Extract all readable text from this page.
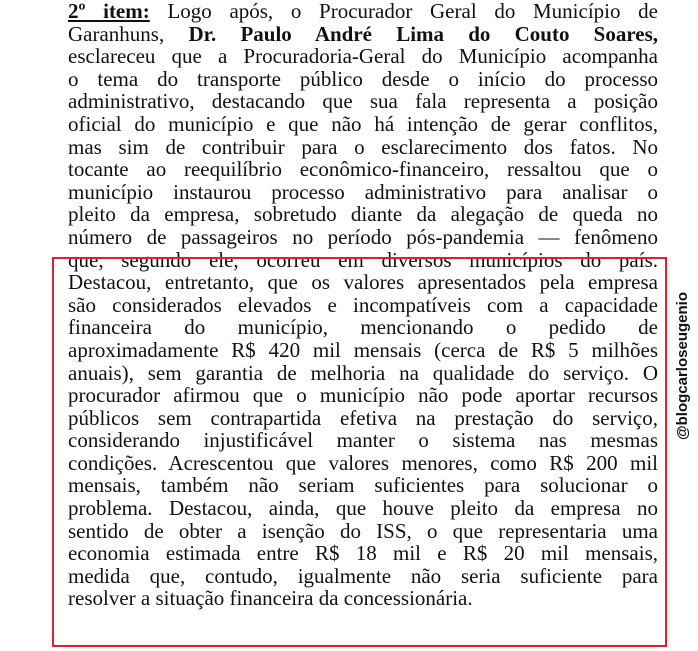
2º item: Logo após, o Procurador Geral do Município de
Garanhuns, Dr. Paulo André Lima do Couto Soares,
esclareceu que a Procuradoria-Geral do Município acompanha
o tema do transporte público desde o início do processo
administrativo, destacando que sua fala representa a posição
oficial do município e que não há intenção de gerar conflitos,
mas sim de contribuir para o esclarecimento dos fatos. No
tocante ao reequilíbrio econômico-financeiro, ressaltou que o
município instaurou processo administrativo para analisar o
pleito da empresa, sobretudo diante da alegação de queda no
número de passageiros no período pós-pandemia — fenômeno
que, segundo ele, ocorreu em diversos municípios do país.
Destacou, entretanto, que os valores apresentados pela empresa
são considerados elevados e incompatíveis com a capacidade
financeira do município, mencionando o pedido de
aproximadamente R$ 420 mil mensais (cerca de R$ 5 milhões
anuais), sem garantia de melhoria na qualidade do serviço. O
procurador afirmou que o município não pode aportar recursos
públicos sem contrapartida efetiva na prestação do serviço,
considerando injustificável manter o sistema nas mesmas
condições. Acrescentou que valores menores, como R$ 200 mil
mensais, também não seriam suficientes para solucionar o
problema. Destacou, ainda, que houve pleito da empresa no
sentido de obter a isenção do ISS, o que representaria uma
economia estimada entre R$ 18 mil e R$ 20 mil mensais,
medida que, contudo, igualmente não seria suficiente para
resolver a situação financeira da concessionária.
@blogcarloseugenio
